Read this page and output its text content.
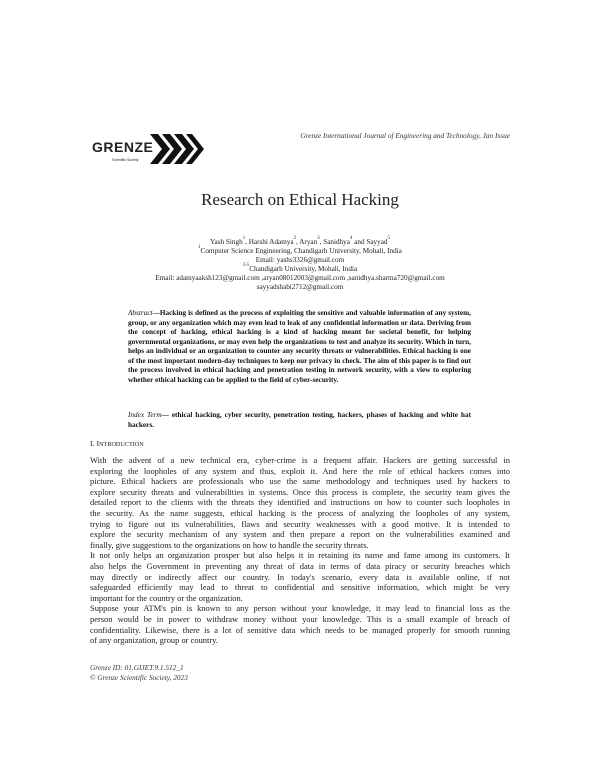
Grenze International Journal of Engineering and Technology, Jan Issue
GRENZE
Scientific Society
Research on Ethical Hacking
Yash Singh$^1$, Harshi Adamya$^2$, Aryan$^3$, Sanidhya$^4$ and Sayyad$^5$
$^1$Computer Science Engineering, Chandigarh University, Mohali, India
Email: yashs3326@gmail.com
$^{2-5}$Chandigarh University, Mohali, India
Email: adamyaaksh123@gmail.com ,aryan08012003@gmail.com ,sanidhya.sharma720@gmail.com
sayyadshabi2712@gmail.com
Abstract—Hacking is defined as the process of exploiting the sensitive and valuable information of any system, group, or any organization which may even lead to leak of any confidential information or data. Deriving from the concept of hacking, ethical hacking is a kind of hacking meant for societal benefit, for helping governmental organizations, or may even help the organizations to test and analyze its security. Which in turn, helps an individual or an organization to counter any security threats or vulnerabilities. Ethical hacking is one of the most important modern-day techniques to keep our privacy in check. The aim of this paper is to find out the process involved in ethical hacking and penetration testing in network security, with a view to exploring whether ethical hacking can be applied to the field of cyber-security.
Index Term— ethical hacking, cyber security, penetration testing, hackers, phases of hacking and white hat hackers.
I. INTRODUCTION
With the advent of a new technical era, cyber-crime is a frequent affair. Hackers are getting successful in
exploring the loopholes of any system and thus, exploit it. And here the role of ethical hackers comes into
picture. Ethical hackers are professionals who use the same methodology and techniques used by hackers to
explore security threats and vulnerabilities in systems. Once this process is complete, the security team gives the
detailed report to the clients with the threats they identified and instructions on how to counter such loopholes in
the security. As the name suggests, ethical hacking is the process of analyzing the loopholes of any system,
trying to figure out its vulnerabilities, flaws and security weaknesses with a good motive. It is intended to
explore the security mechanism of any system and then prepare a report on the vulnerabilities examined and
finally, give suggestions to the organizations on how to handle the security threats.
It not only helps an organization prosper but also helps it in retaining its name and fame among its customers. It
also helps the Government in preventing any threat of data in terms of data piracy or security breaches which
may directly or indirectly affect our country. In today's scenario, every data is available online, if not
safeguarded efficiently may lead to threat to confidential and sensitive information, which might be very
important for the country or the organization.
Suppose your ATM's pin is known to any person without your knowledge, it may lead to financial loss as the
person would be in power to withdraw money without your knowledge. This is a small example of breach of
confidentiality. Likewise, there is a lot of sensitive data which needs to be managed properly for smooth running
of any organization, group or country.
Grenze ID: 01.GIJET.9.1.512_1
© Grenze Scientific Society, 2023
